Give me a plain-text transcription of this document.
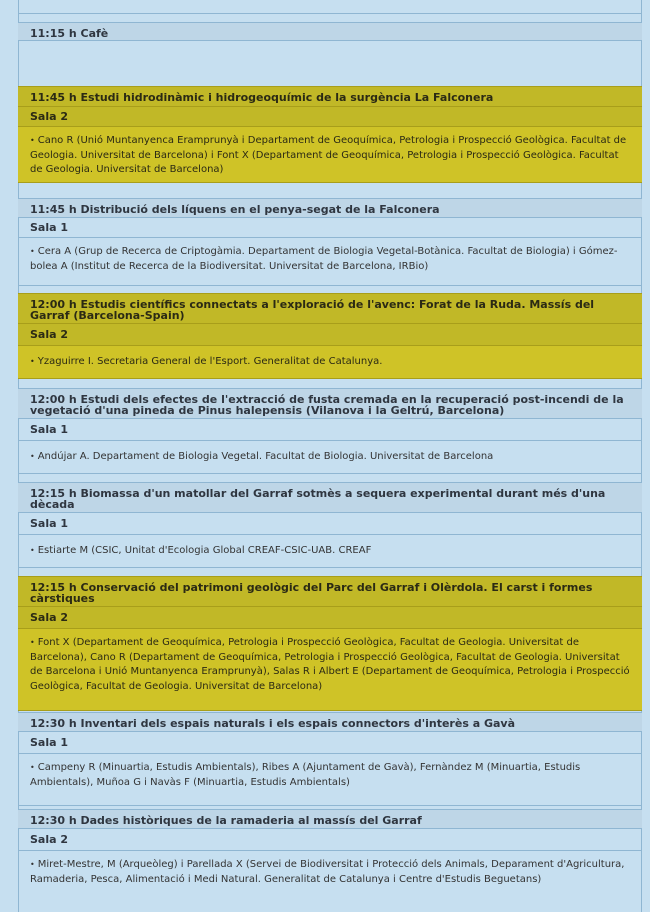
11:15 h Cafè
11:45 h Estudi hidrodinàmic i hidrogeoquímic de la surgència La Falconera
Sala 2
• Cano R (Unió Muntanyenca Eramprunyà i Departament de Geoquímica, Petrologia i Prospecció Geològica. Facultat de Geologia. Universitat de Barcelona) i Font X (Departament de Geoquímica, Petrologia i Prospecció Geològica. Facultat de Geologia. Universitat de Barcelona)
11:45 h Distribució dels líquens en el penya-segat de la Falconera
Sala 1
• Cera A (Grup de Recerca de Criptogàmia. Departament de Biologia Vegetal-Botànica. Facultat de Biologia) i Gómez-bolea A (Institut de Recerca de la Biodiversitat. Universitat de Barcelona, IRBio)
12:00 h Estudis científics connectats a l'exploració de l'avenc: Forat de la Ruda. Massís del Garraf (Barcelona-Spain)
Sala 2
• Yzaguirre I. Secretaria General de l'Esport. Generalitat de Catalunya.
12:00 h Estudi dels efectes de l'extracció de fusta cremada en la recuperació post-incendi de la vegetació d'una pineda de Pinus halepensis (Vilanova i la Geltrú, Barcelona)
Sala 1
• Andújar A. Departament de Biologia Vegetal. Facultat de Biologia. Universitat de Barcelona
12:15 h Biomassa d'un matollar del Garraf sotmès a sequera experimental durant més d'una dècada
Sala 1
• Estiarte M (CSIC, Unitat d'Ecologia Global CREAF-CSIC-UAB. CREAF
12:15 h Conservació del patrimoni geològic del Parc del Garraf i Olèrdola. El carst i formes càrstiques
Sala 2
• Font X (Departament de Geoquímica, Petrologia i Prospecció Geològica, Facultat de Geologia. Universitat de Barcelona), Cano R (Departament de Geoquímica, Petrologia i Prospecció Geològica, Facultat de Geologia. Universitat de Barcelona i Unió Muntanyenca Eramprunyà), Salas R i Albert E (Departament de Geoquímica, Petrologia i Prospecció Geològica, Facultat de Geologia. Universitat de Barcelona)
12:30 h Inventari dels espais naturals i els espais connectors d'interès a Gavà
Sala 1
• Campeny R (Minuartia, Estudis Ambientals), Ribes A (Ajuntament de Gavà), Fernàndez M (Minuartia, Estudis Ambientals), Muñoa G i Navàs F (Minuartia, Estudis Ambientals)
12:30 h Dades històriques de la ramaderia al massís del Garraf
Sala 2
• Miret-Mestre, M (Arqueòleg) i Parellada X (Servei de Biodiversitat i Protecció dels Animals, Deparament d'Agricultura, Ramaderia, Pesca, Alimentació i Medi Natural. Generalitat de Catalunya i Centre d'Estudis Beguetans)
